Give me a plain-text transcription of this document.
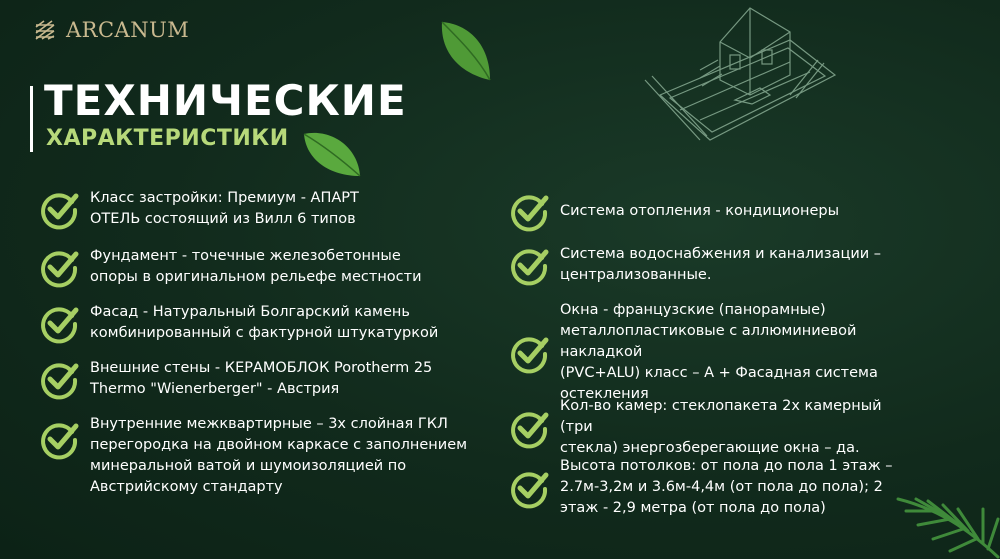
ARCANUM
ТЕХНИЧЕСКИЕ
ХАРАКТЕРИСТИКИ
Класс застройки: Премиум - АПАРТ
ОТЕЛЬ состоящий из Вилл 6 типов
Фундамент - точечные железобетонные
опоры в оригинальном рельефе местности
Фасад - Натуральный Болгарский камень
комбинированный с фактурной штукатуркой
Внешние стены - КЕРАМОБЛОК Porotherm 25
Thermo "Wienerberger" - Австрия
Внутренние межквартирные – 3х слойная ГКЛ
перегородка на двойном каркасе с заполнением
минеральной ватой и шумоизоляцией по
Австрийскому стандарту
Система отопления - кондиционеры
Система водоснабжения и канализации –
централизованные.
Окна - французские (панорамные)
металлопластиковые с аллюминиевой накладкой
(PVC+ALU) класс – А + Фасадная система
остекления
Кол-во камер: стеклопакета 2х камерный (три
стекла) энергозберегающие окна – да.
Высота потолков: от пола до пола 1 этаж –
2.7м-3,2м и 3.6м-4,4м (от пола до пола); 2
этаж - 2,9 метра (от пола до пола)
